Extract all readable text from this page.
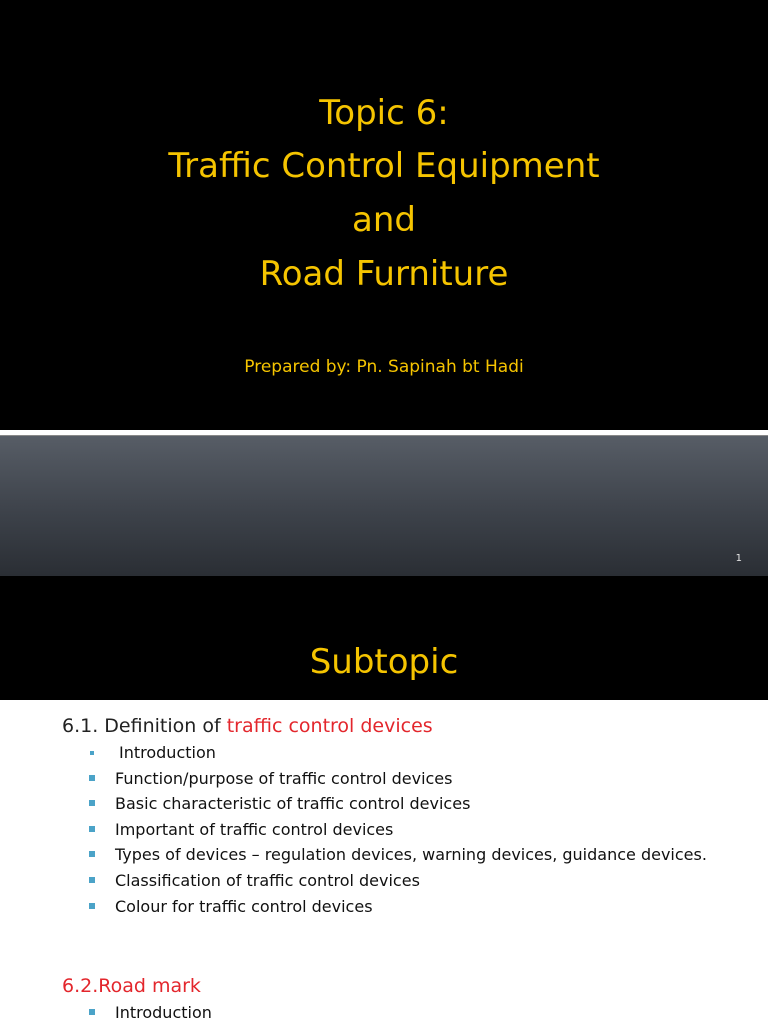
Topic 6:
Traffic Control Equipment
and
Road Furniture
Prepared by: Pn. Sapinah bt Hadi
1
Subtopic
6.1. Definition of traffic control devices
Introduction
Function/purpose of traffic control devices
Basic characteristic of traffic control devices
Important of traffic control devices
Types of devices – regulation devices, warning devices, guidance devices.
Classification of traffic control devices
Colour for traffic control devices
6.2.Road mark
Introduction
